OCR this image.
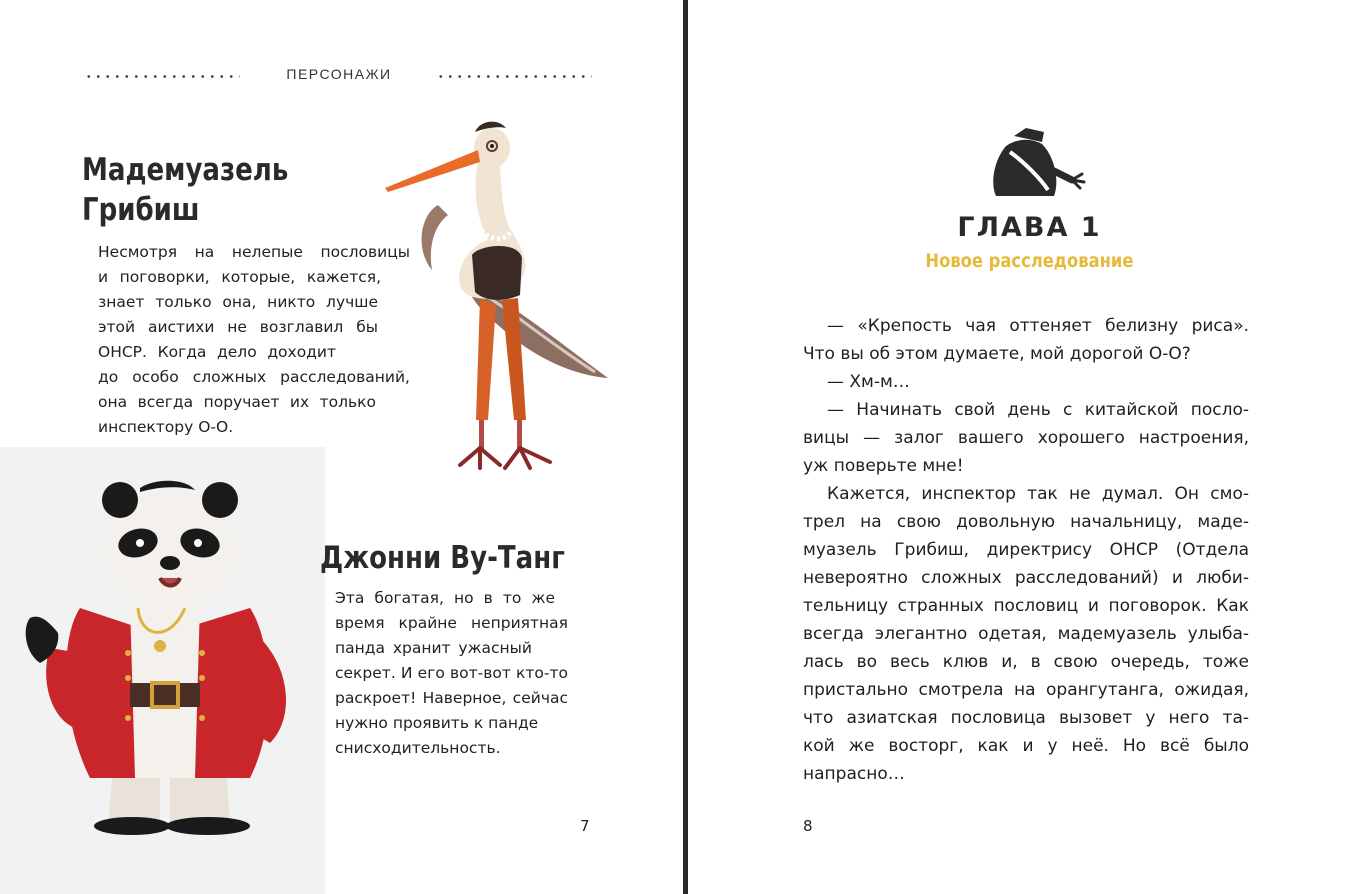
ПЕРСОНАЖИ
Мадемуазель
Грибиш

Несмотря на нелепые пословицы
и поговорки, которые, кажется,
знает только она, никто лучше
этой аистихи не возглавил бы
ОНСР. Когда дело доходит
до особо сложных расследований,
она всегда поручает их только
инспектору О-О.

Джонни Ву-Танг

Эта богатая, но в то же
время крайне неприятная
панда хранит ужасный
секрет. И его вот-вот кто-то
раскроет! Наверное, сейчас
нужно проявить к панде
снисходительность.

7
ГЛАВА 1
Новое расследование
— «Крепость чая оттеняет белизну риса».
Что вы об этом думаете, мой дорогой О-О?
— Хм-м…
— Начинать свой день с китайской посло-
вицы — залог вашего хорошего настроения,
уж поверьте мне!
Кажется, инспектор так не думал. Он смо-
трел на свою довольную начальницу, маде-
муазель Грибиш, директрису ОНСР (Отдела
невероятно сложных расследований) и люби-
тельницу странных пословиц и поговорок. Как
всегда элегантно одетая, мадемуазель улыба-
лась во весь клюв и, в свою очередь, тоже
пристально смотрела на орангутанга, ожидая,
что азиатская пословица вызовет у него та-
кой же восторг, как и у неё. Но всё было
напрасно…
8
